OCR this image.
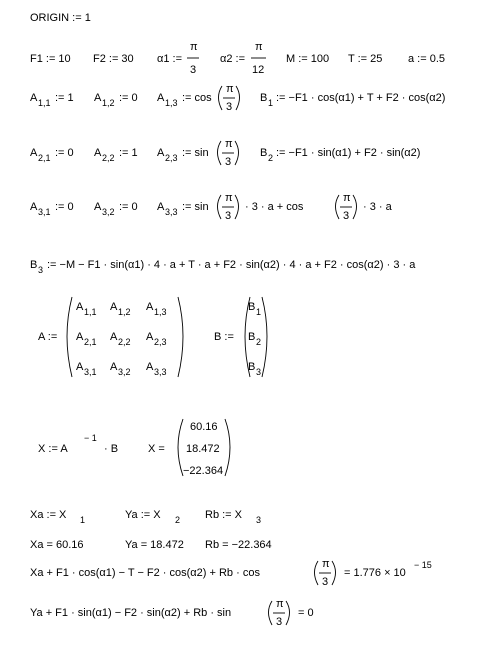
ORIGIN := 1
F1 := 10 F2 := 30 α1 :=
π
3
α2 :=
π
12
M := 100 T := 25 a := 0.5
A 1,1 := 1 A 1,2 := 0 A 1,3 := cos
π
3
B 1 := −F1 · cos(α1) + T + F2 · cos(α2)
A 2,1 := 0 A 2,2 := 1 A 2,3 := sin
π
3
B 2 := −F1 · sin(α1) + F2 · sin(α2)
A 3,1 := 0 A 3,2 := 0 A 3,3 := sin
π
3
· 3 · a + cos
π
3
· 3 · a
B 3 := −M − F1 · sin(α1) · 4 · a + T · a + F2 · sin(α2) · 4 · a + F2 · cos(α2) · 3 · a
A :=
A 1,1 A 1,2 A 1,3
A 2,1 A 2,2 A 2,3
A 3,1 A 3,2 A 3,3
B :=
B 1
B 2
B 3
X := A
− 1
· B	X =
60.16
18.472
−22.364
Xa := X 1	Ya := X 2 Rb := X 3
Xa = 60.16	Ya = 18.472 Rb = −22.364
Xa + F1 · cos(α1) − T − F2 · cos(α2) + Rb · cos
π
3
= 1.776 × 10
− 15
Ya + F1 · sin(α1) − F2 · sin(α2) + Rb · sin
π
3
= 0
